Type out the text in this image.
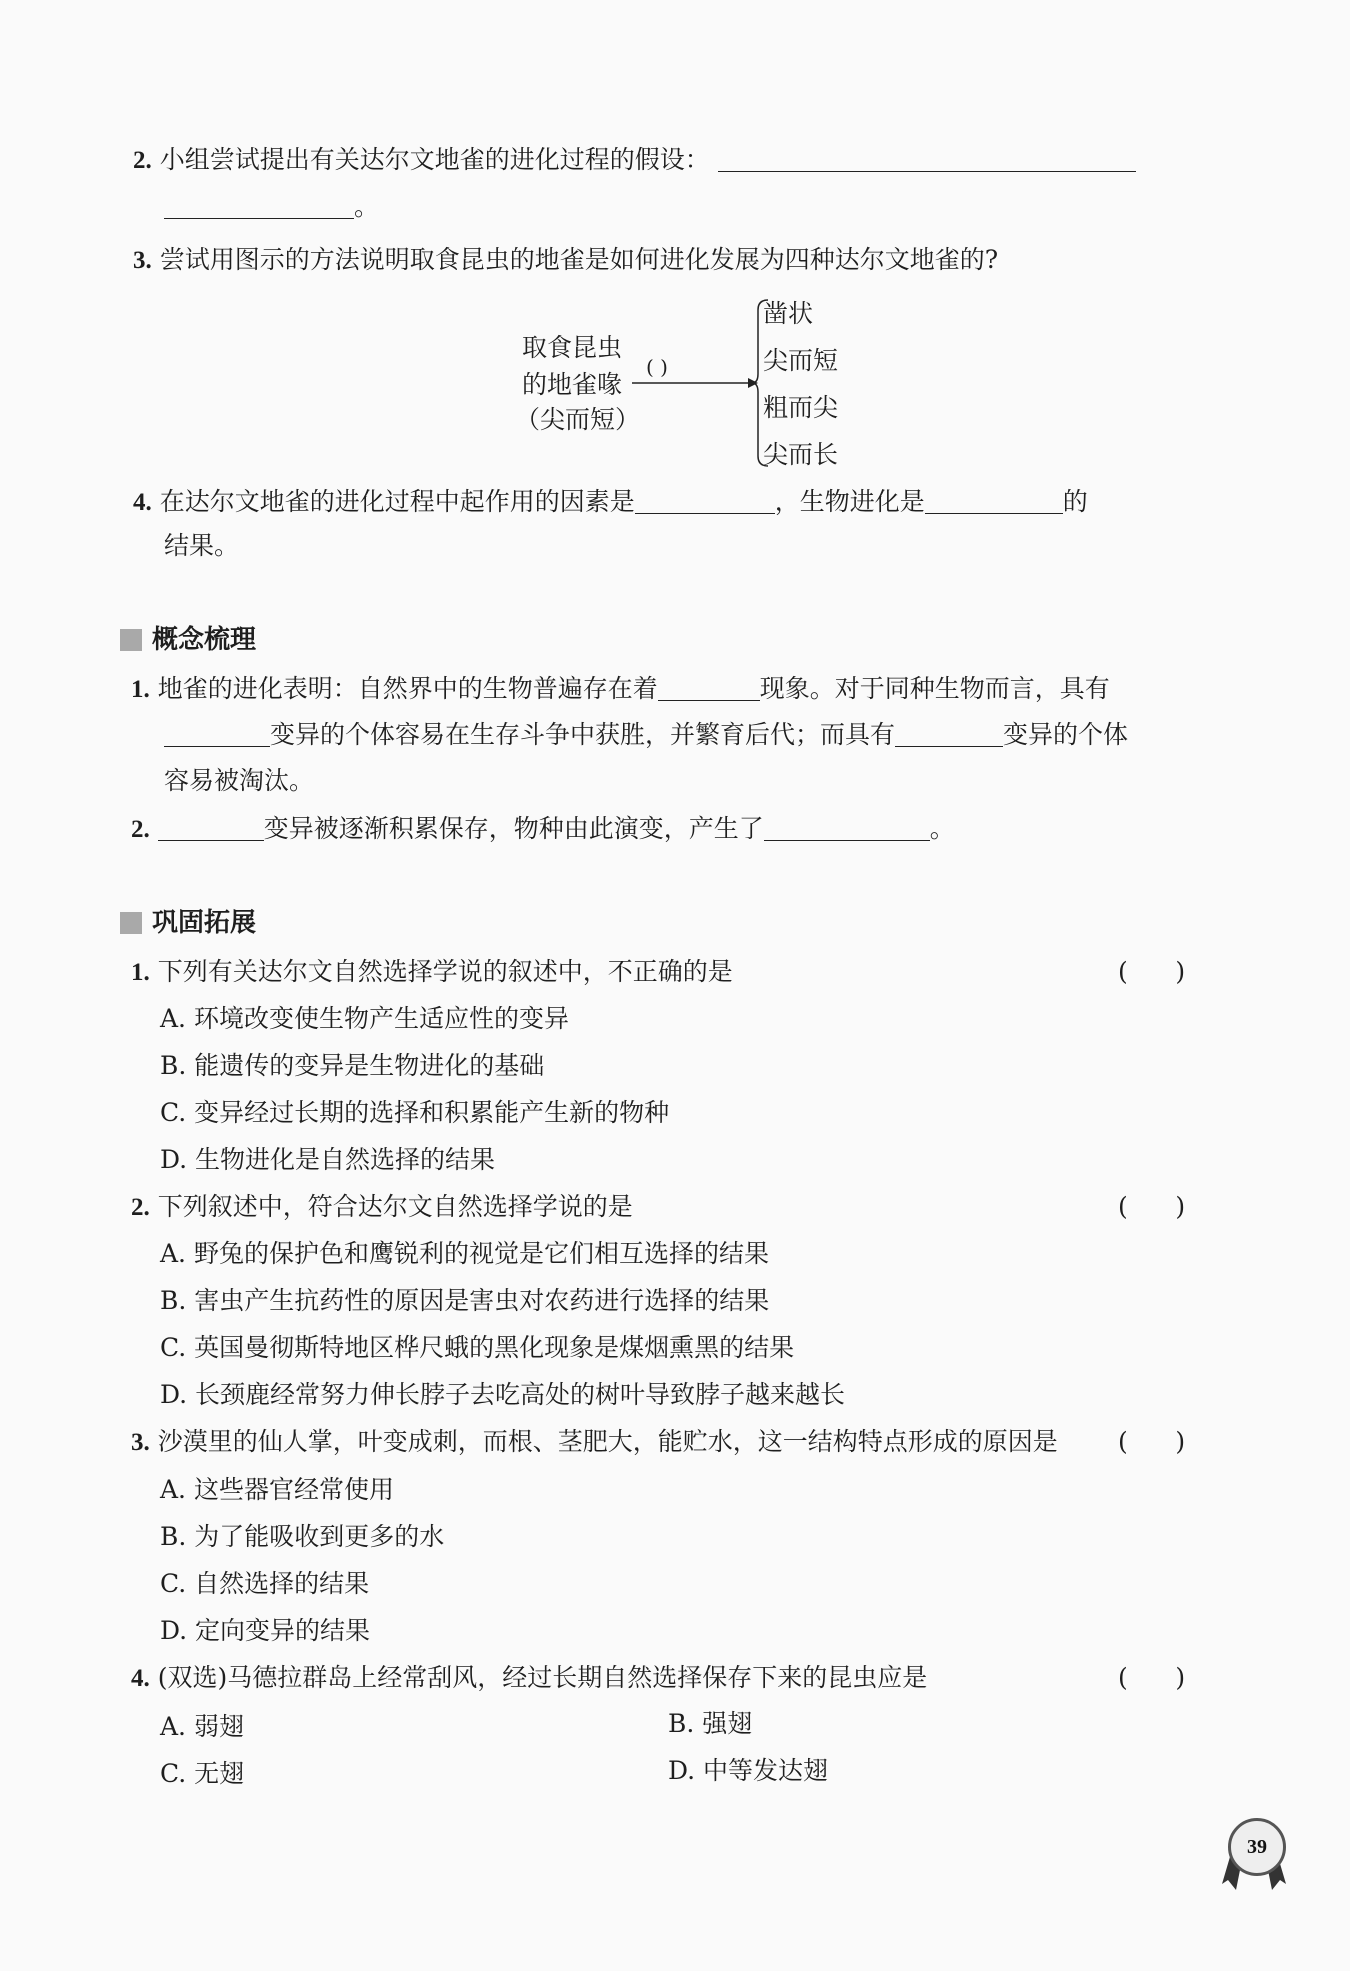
2. 小组尝试提出有关达尔文地雀的进化过程的假设：
。
3. 尝试用图示的方法说明取食昆虫的地雀是如何进化发展为四种达尔文地雀的?
取食昆虫
的地雀喙
（尖而短）
( )
凿状
尖而短
粗而尖
尖而长
4. 在达尔文地雀的进化过程中起作用的因素是	，生物进化是	的
结果。
概念梳理
1. 地雀的进化表明：自然界中的生物普遍存在着	现象。对于同种生物而言，具有
变异的个体容易在生存斗争中获胜，并繁育后代；而具有	变异的个体
容易被淘汰。
2.	变异被逐渐积累保存，物种由此演变，产生了	。
巩固拓展
1. 下列有关达尔文自然选择学说的叙述中，不正确的是	(      )
A. 环境改变使生物产生适应性的变异
B. 能遗传的变异是生物进化的基础
C. 变异经过长期的选择和积累能产生新的物种
D. 生物进化是自然选择的结果
2. 下列叙述中，符合达尔文自然选择学说的是	(      )
A. 野兔的保护色和鹰锐利的视觉是它们相互选择的结果
B. 害虫产生抗药性的原因是害虫对农药进行选择的结果
C. 英国曼彻斯特地区桦尺蛾的黑化现象是煤烟熏黑的结果
D. 长颈鹿经常努力伸长脖子去吃高处的树叶导致脖子越来越长
3. 沙漠里的仙人掌，叶变成刺，而根、茎肥大，能贮水，这一结构特点形成的原因是 (      )
A. 这些器官经常使用
B. 为了能吸收到更多的水
C. 自然选择的结果
D. 定向变异的结果
4. (双选)马德拉群岛上经常刮风，经过长期自然选择保存下来的昆虫应是	(      )
A. 弱翅	B. 强翅
C. 无翅	D. 中等发达翅
39
